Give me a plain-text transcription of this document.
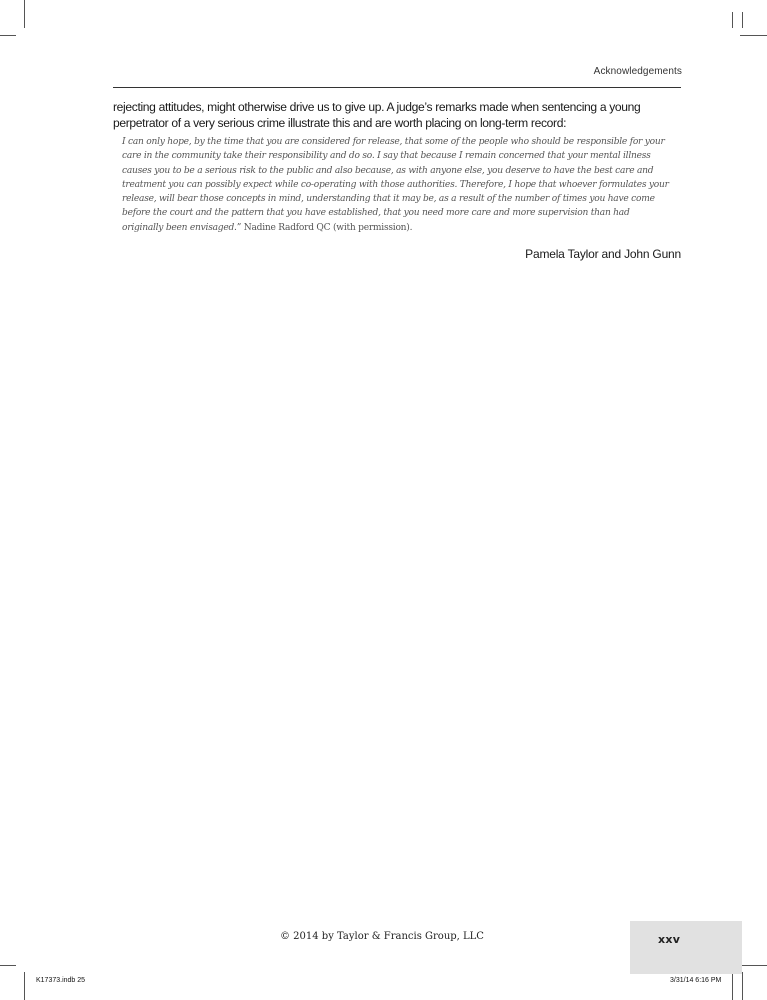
Acknowledgements

rejecting attitudes, might otherwise drive us to give up. A judge’s remarks made when sentencing a young perpetrator of a very serious crime illustrate this and are worth placing on long-term record:

I can only hope, by the time that you are considered for release, that some of the people who should be responsible for your care in the community take their responsibility and do so. I say that because I remain concerned that your mental illness causes you to be a serious risk to the public and also because, as with anyone else, you deserve to have the best care and treatment you can possibly expect while co-operating with those authorities. Therefore, I hope that whoever formulates your release, will bear those concepts in mind, understanding that it may be, as a result of the number of times you have come before the court and the pattern that you have established, that you need more care and more supervision than had originally been envisaged.” Nadine Radford QC (with permission).

Pamela Taylor and John Gunn
© 2014 by Taylor & Francis Group, LLC	xxv
K17373.indb 25	3/31/14 6:16 PM
